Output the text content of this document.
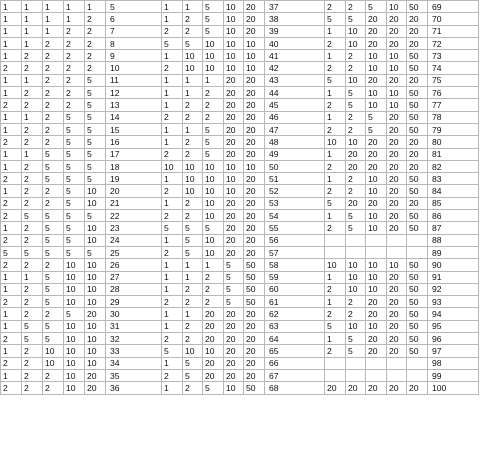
1	1	1	1	1	5	1	1	5	10	20	37	2	2	5	10	50	69
1	1	1	1	2	6	1	2	5	10	20	38	5	5	20	20	20	70
1	1	1	2	2	7	2	2	5	10	20	39	1	10	20	20	20	71
1	1	2	2	2	8	5	5	10	10	10	40	2	10	20	20	20	72
1	2	2	2	2	9	1	10	10	10	10	41	1	2	10	10	50	73
2	2	2	2	2	10	2	10	10	10	10	42	2	2	10	10	50	74
1	1	2	2	5	11	1	1	1	20	20	43	5	10	20	20	20	75
1	2	2	2	5	12	1	1	2	20	20	44	1	5	10	10	50	76
2	2	2	2	5	13	1	2	2	20	20	45	2	5	10	10	50	77
1	1	2	5	5	14	2	2	2	20	20	46	1	2	5	20	50	78
1	2	2	5	5	15	1	1	5	20	20	47	2	2	5	20	50	79
2	2	2	5	5	16	1	2	5	20	20	48	10	10	20	20	20	80
1	1	5	5	5	17	2	2	5	20	20	49	1	20	20	20	20	81
1	2	5	5	5	18	10	10	10	10	10	50	2	20	20	20	20	82
2	2	5	5	5	19	1	10	10	10	20	51	1	2	10	20	50	83
1	2	2	5	10	20	2	10	10	10	20	52	2	2	10	20	50	84
2	2	2	5	10	21	1	2	10	20	20	53	5	20	20	20	20	85
2	5	5	5	5	22	2	2	10	20	20	54	1	5	10	20	50	86
1	2	5	5	10	23	5	5	5	20	20	55	2	5	10	20	50	87
2	2	5	5	10	24	1	5	10	20	20	56						88
5	5	5	5	5	25	2	5	10	20	20	57						89
2	2	2	10	10	26	1	1	1	5	50	58	10	10	10	10	50	90
1	1	5	10	10	27	1	1	2	5	50	59	1	10	10	20	50	91
1	2	5	10	10	28	1	2	2	5	50	60	2	10	10	20	50	92
2	2	5	10	10	29	2	2	2	5	50	61	1	2	20	20	50	93
1	2	2	5	20	30	1	1	20	20	20	62	2	2	20	20	50	94
1	5	5	10	10	31	1	2	20	20	20	63	5	10	10	20	50	95
2	5	5	10	10	32	2	2	20	20	20	64	1	5	20	20	50	96
1	2	10	10	10	33	5	10	10	20	20	65	2	5	20	20	50	97
2	2	10	10	10	34	1	5	20	20	20	66						98
1	2	2	10	20	35	2	5	20	20	20	67						99
2	2	2	10	20	36	1	2	5	10	50	68	20	20	20	20	20	100
